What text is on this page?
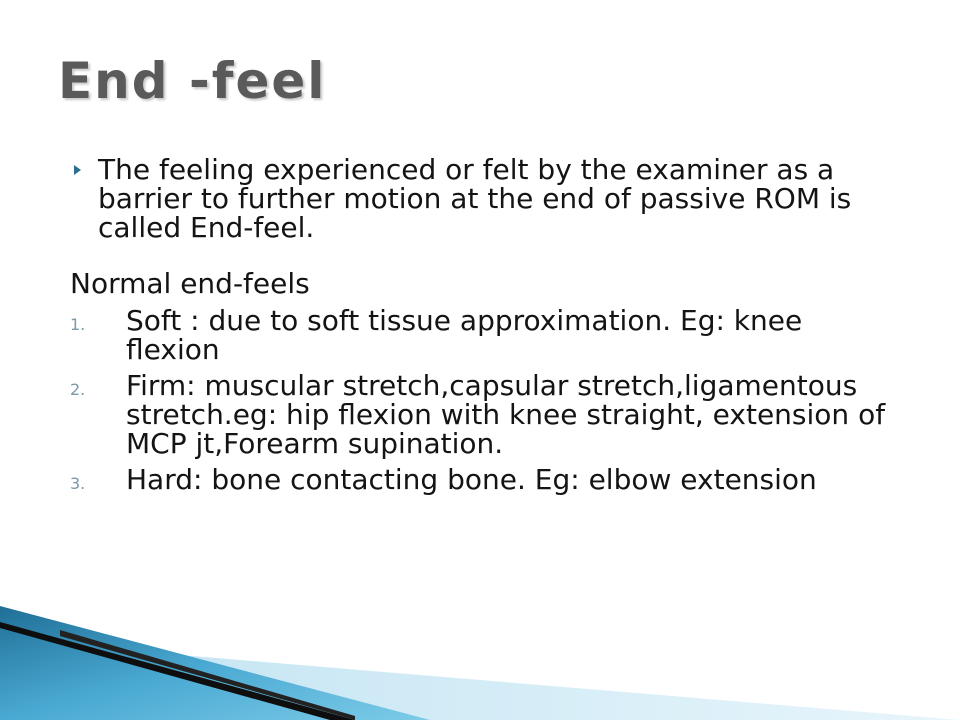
End -feel
The feeling experienced or felt by the examiner as a barrier to further motion at the end of passive ROM is called End-feel.
Normal end-feels
1. Soft : due to soft tissue approximation. Eg: knee flexion
2. Firm: muscular stretch,capsular stretch,ligamentous stretch.eg: hip flexion with knee straight, extension of MCP jt,Forearm supination.
3. Hard: bone contacting bone. Eg: elbow extension
